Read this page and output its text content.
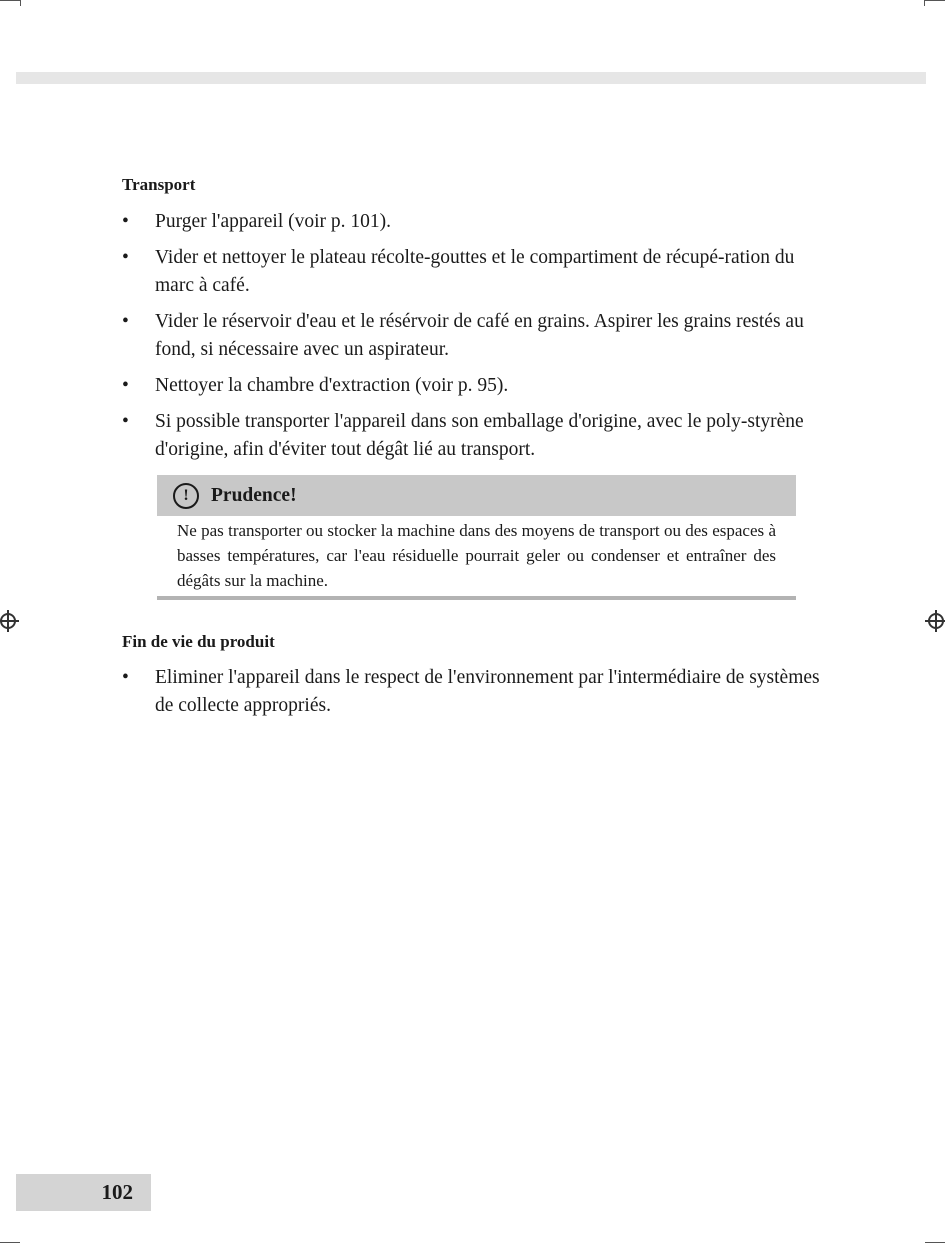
Transport
• Purger l'appareil (voir p. 101).
• Vider et nettoyer le plateau récolte-gouttes et le compartiment de récupé-ration du marc à café.
• Vider le réservoir d'eau et le résérvoir de café en grains. Aspirer les grains restés au fond, si nécessaire avec un aspirateur.
• Nettoyer la chambre d'extraction (voir p. 95).
• Si possible transporter l'appareil dans son emballage d'origine, avec le poly-styrène d'origine, afin d'éviter tout dégât lié au transport.
!	Prudence!
Ne pas transporter ou stocker la machine dans des moyens de transport ou des espaces à basses températures, car l'eau résiduelle pourrait geler ou condenser et entraîner des dégâts sur la machine.
Fin de vie du produit
• Eliminer l'appareil dans le respect de l'environnement par l'intermédiaire de systèmes de collecte appropriés.
102
